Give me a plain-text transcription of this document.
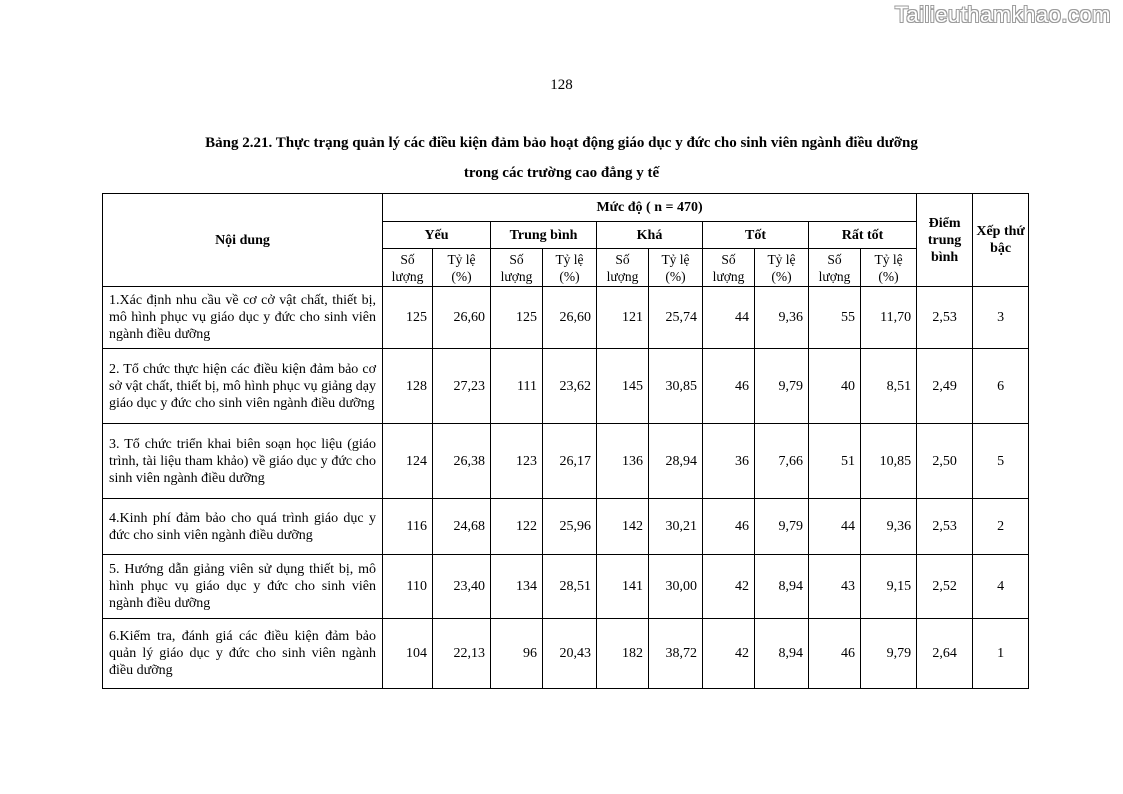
Tailieuthamkhao.com
128
Bảng 2.21. Thực trạng quản lý các điều kiện đảm bảo hoạt động giáo dục y đức cho sinh viên ngành điều dưỡng
trong các trường cao đẳng y tế
Nội dung	Mức độ ( n = 470)										Điểm trung bình	Xếp thứ bậc
	Yếu		Trung bình		Khá		Tốt		Rất tốt			
	Số lượng	Tỷ lệ (%)	Số lượng	Tỷ lệ (%)	Số lượng	Tỷ lệ (%)	Số lượng	Tỷ lệ (%)	Số lượng	Tỷ lệ (%)		
1.Xác định nhu cầu về cơ cở vật chất, thiết bị, mô hình phục vụ giáo dục y đức cho sinh viên ngành điều dưỡng	125	26,60	125	26,60	121	25,74	44	9,36	55	11,70	2,53	3
2. Tổ chức thực hiện các điều kiện đảm bảo cơ sở vật chất, thiết bị, mô hình phục vụ giảng dạy giáo dục y đức cho sinh viên ngành điều dưỡng	128	27,23	111	23,62	145	30,85	46	9,79	40	8,51	2,49	6
3. Tổ chức triển khai biên soạn học liệu (giáo trình, tài liệu tham khảo) về giáo dục y đức cho sinh viên ngành điều dưỡng	124	26,38	123	26,17	136	28,94	36	7,66	51	10,85	2,50	5
4.Kinh phí đảm bảo cho quá trình giáo dục y đức cho sinh viên ngành điều dưỡng	116	24,68	122	25,96	142	30,21	46	9,79	44	9,36	2,53	2
5. Hướng dẫn giảng viên sử dụng thiết bị, mô hình phục vụ giáo dục y đức cho sinh viên ngành điều dưỡng	110	23,40	134	28,51	141	30,00	42	8,94	43	9,15	2,52	4
6.Kiểm tra, đánh giá các điều kiện đảm bảo quản lý giáo dục y đức cho sinh viên ngành điều dưỡng	104	22,13	96	20,43	182	38,72	42	8,94	46	9,79	2,64	1
